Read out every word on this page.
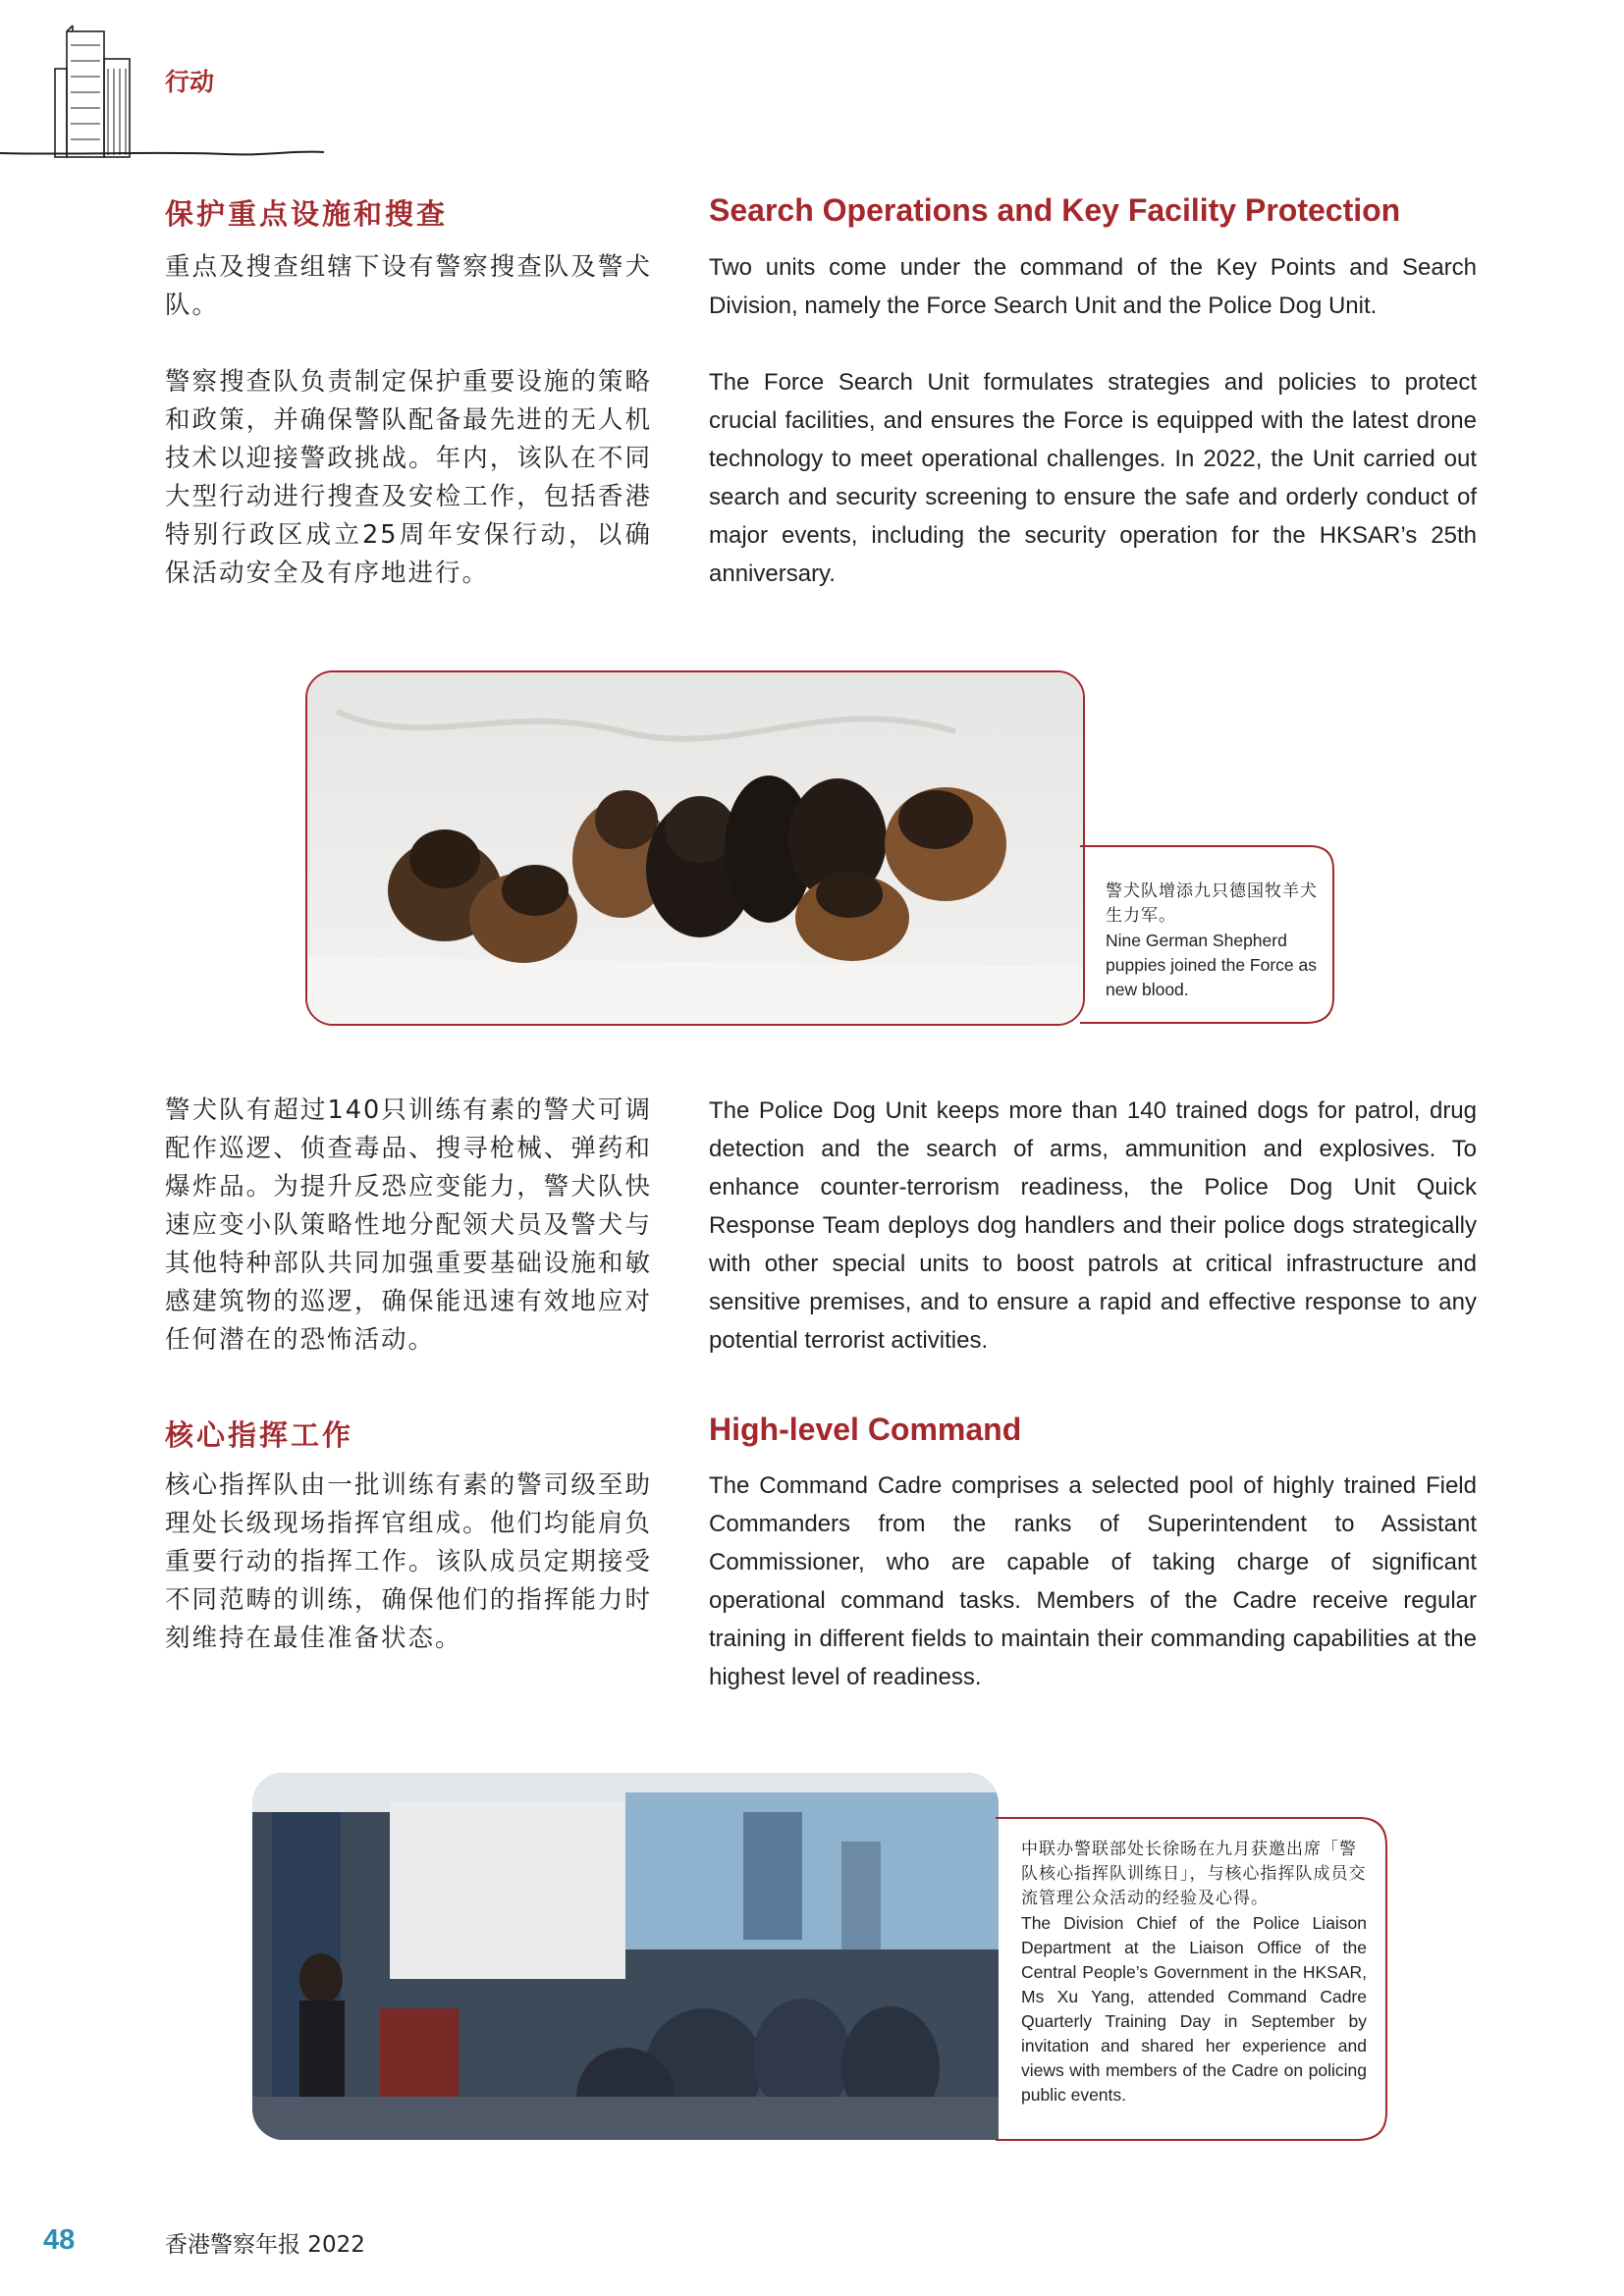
行动
保护重点设施和搜查	Search Operations and Key Facility Protection

重点及搜查组辖下设有警察搜查队及警犬队。

警察搜查队负责制定保护重要设施的策略和政策，并确保警队配备最先进的无人机技术以迎接警政挑战。年内，该队在不同大型行动进行搜查及安检工作，包括香港特别行政区成立25周年安保行动，以确保活动安全及有序地进行。

Two units come under the command of the Key Points and Search Division, namely the Force Search Unit and the Police Dog Unit.

The Force Search Unit formulates strategies and policies to protect crucial facilities, and ensures the Force is equipped with the latest drone technology to meet operational challenges. In 2022, the Unit carried out search and security screening to ensure the safe and orderly conduct of major events, including the security operation for the HKSAR’s 25th anniversary.

警犬队增添九只德国牧羊犬生力军。
Nine German Shepherd puppies joined the Force as new blood.

警犬队有超过140只训练有素的警犬可调配作巡逻、侦查毒品、搜寻枪械、弹药和爆炸品。为提升反恐应变能力，警犬队快速应变小队策略性地分配领犬员及警犬与其他特种部队共同加强重要基础设施和敏感建筑物的巡逻，确保能迅速有效地应对任何潜在的恐怖活动。

The Police Dog Unit keeps more than 140 trained dogs for patrol, drug detection and the search of arms, ammunition and explosives. To enhance counter-terrorism readiness, the Police Dog Unit Quick Response Team deploys dog handlers and their police dogs strategically with other special units to boost patrols at critical infrastructure and sensitive premises, and to ensure a rapid and effective response to any potential terrorist activities.

核心指挥工作	High-level Command

核心指挥队由一批训练有素的警司级至助理处长级现场指挥官组成。他们均能肩负重要行动的指挥工作。该队成员定期接受不同范畴的训练，确保他们的指挥能力时刻维持在最佳准备状态。

The Command Cadre comprises a selected pool of highly trained Field Commanders from the ranks of Superintendent to Assistant Commissioner, who are capable of taking charge of significant operational command tasks. Members of the Cadre receive regular training in different fields to maintain their commanding capabilities at the highest level of readiness.

中联办警联部处长徐旸在九月获邀出席「警队核心指挥队训练日」，与核心指挥队成员交流管理公众活动的经验及心得。
The Division Chief of the Police Liaison Department at the Liaison Office of the Central People’s Government in the HKSAR, Ms Xu Yang, attended Command Cadre Quarterly Training Day in September by invitation and shared her experience and views with members of the Cadre on policing public events.
48	香港警察年报 2022
